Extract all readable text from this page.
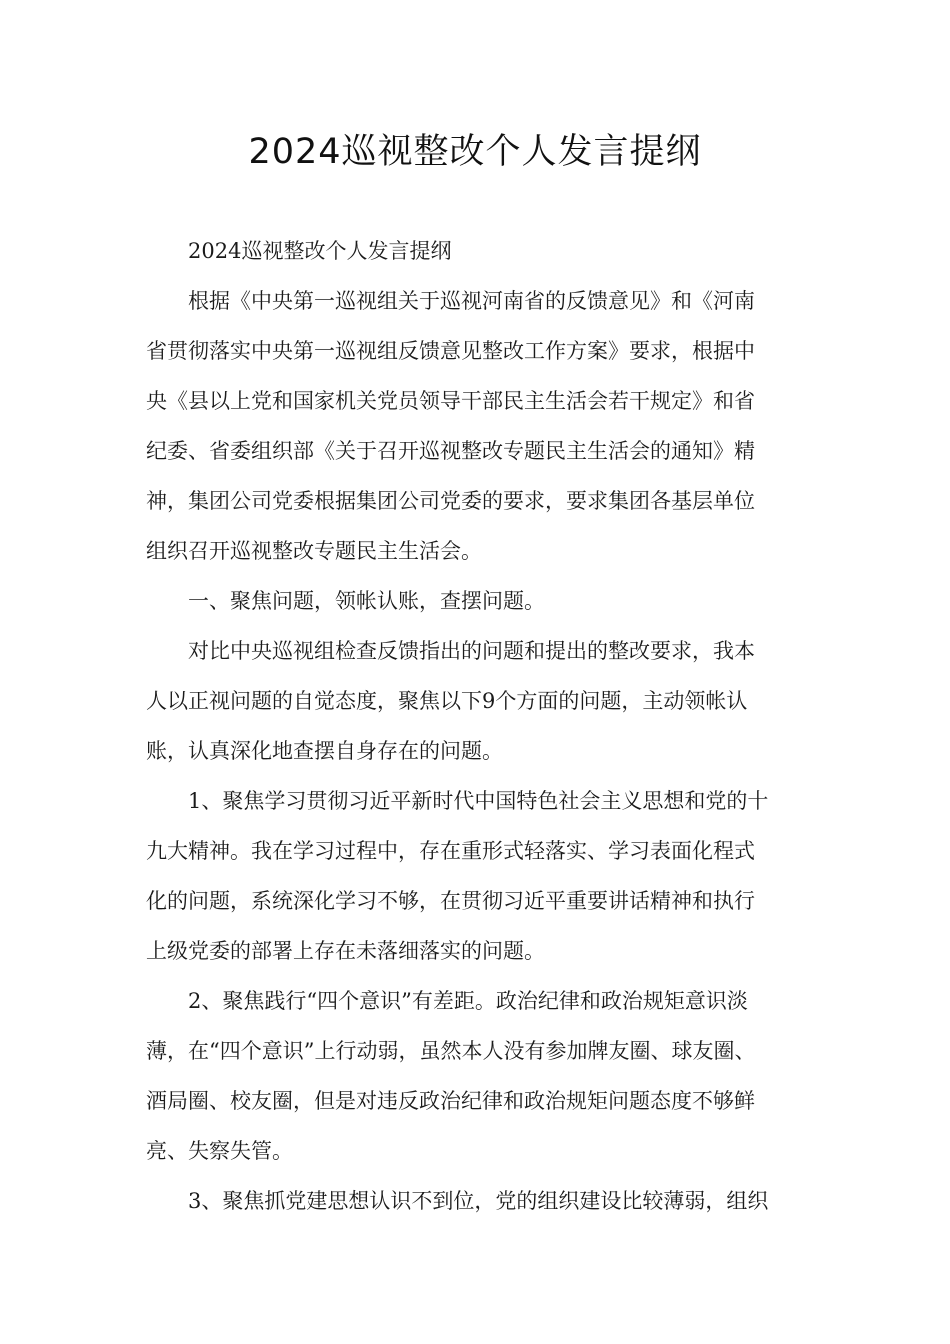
2024巡视整改个人发言提纲
2024巡视整改个人发言提纲
根据《中央第一巡视组关于巡视河南省的反馈意见》和《河南
省贯彻落实中央第一巡视组反馈意见整改工作方案》要求，根据中
央《县以上党和国家机关党员领导干部民主生活会若干规定》和省
纪委、省委组织部《关于召开巡视整改专题民主生活会的通知》精
神，集团公司党委根据集团公司党委的要求，要求集团各基层单位
组织召开巡视整改专题民主生活会。
一、聚焦问题，领帐认账，查摆问题。
对比中央巡视组检查反馈指出的问题和提出的整改要求，我本
人以正视问题的自觉态度，聚焦以下9个方面的问题，主动领帐认
账，认真深化地查摆自身存在的问题。
1、聚焦学习贯彻习近平新时代中国特色社会主义思想和党的十
九大精神。我在学习过程中，存在重形式轻落实、学习表面化程式
化的问题，系统深化学习不够，在贯彻习近平重要讲话精神和执行
上级党委的部署上存在未落细落实的问题。
2、聚焦践行“四个意识”有差距。政治纪律和政治规矩意识淡
薄，在“四个意识”上行动弱，虽然本人没有参加牌友圈、球友圈、
酒局圈、校友圈，但是对违反政治纪律和政治规矩问题态度不够鲜
亮、失察失管。
3、聚焦抓党建思想认识不到位，党的组织建设比较薄弱，组织
